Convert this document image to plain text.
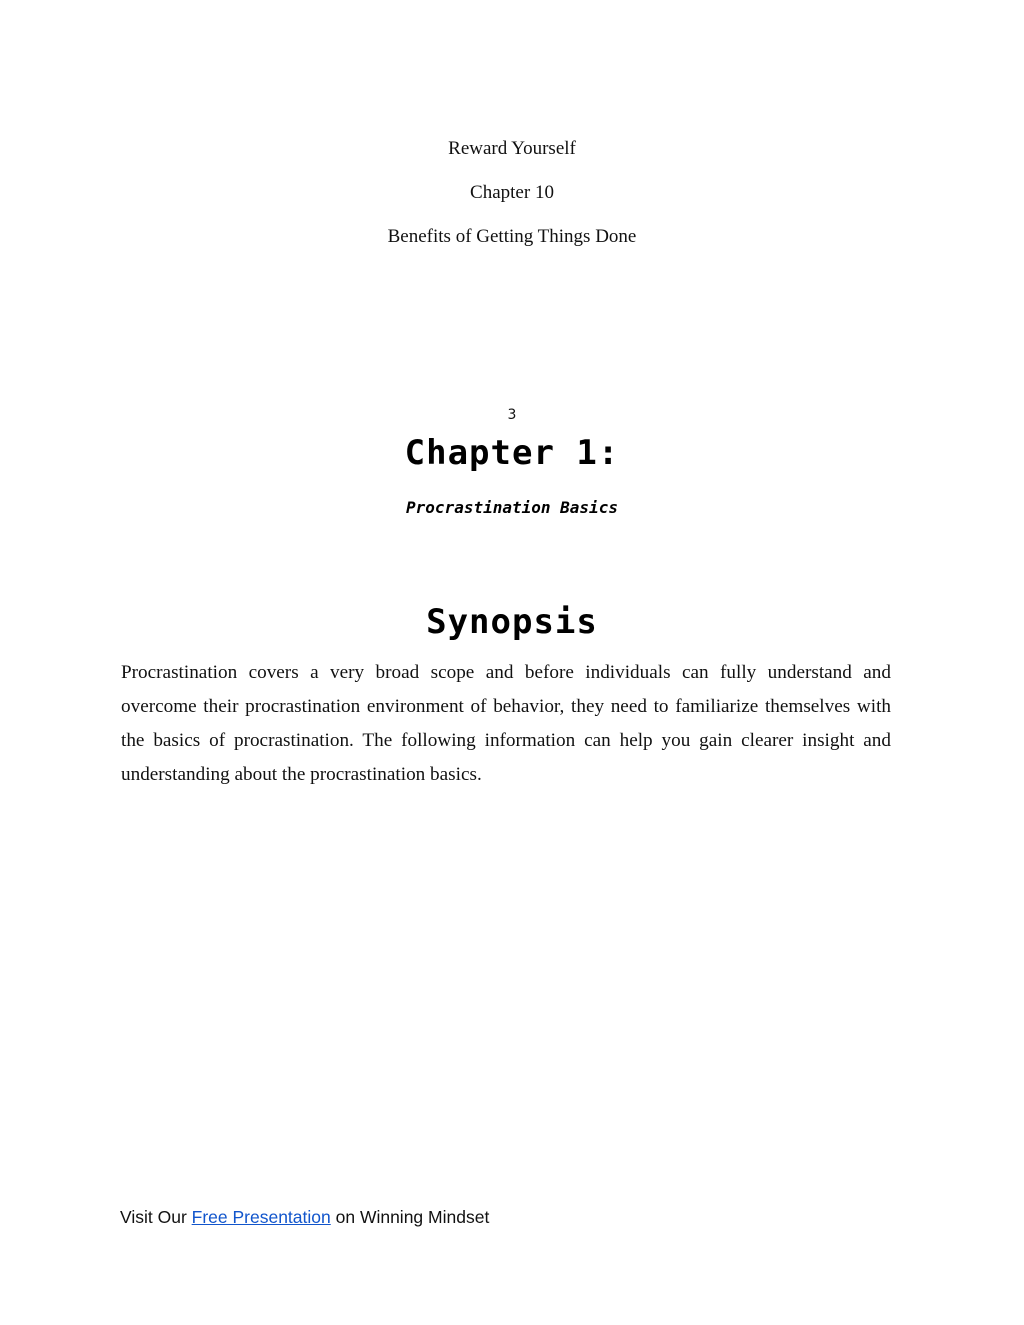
Reward Yourself
Chapter 10
Benefits of Getting Things Done
3
Chapter 1:
Procrastination Basics
Synopsis

Procrastination covers a very broad scope and before individuals can fully understand and overcome their procrastination environment of behavior, they need to familiarize themselves with the basics of procrastination. The following information can help you gain clearer insight and understanding about the procrastination basics.

Visit Our Free Presentation on Winning Mindset
